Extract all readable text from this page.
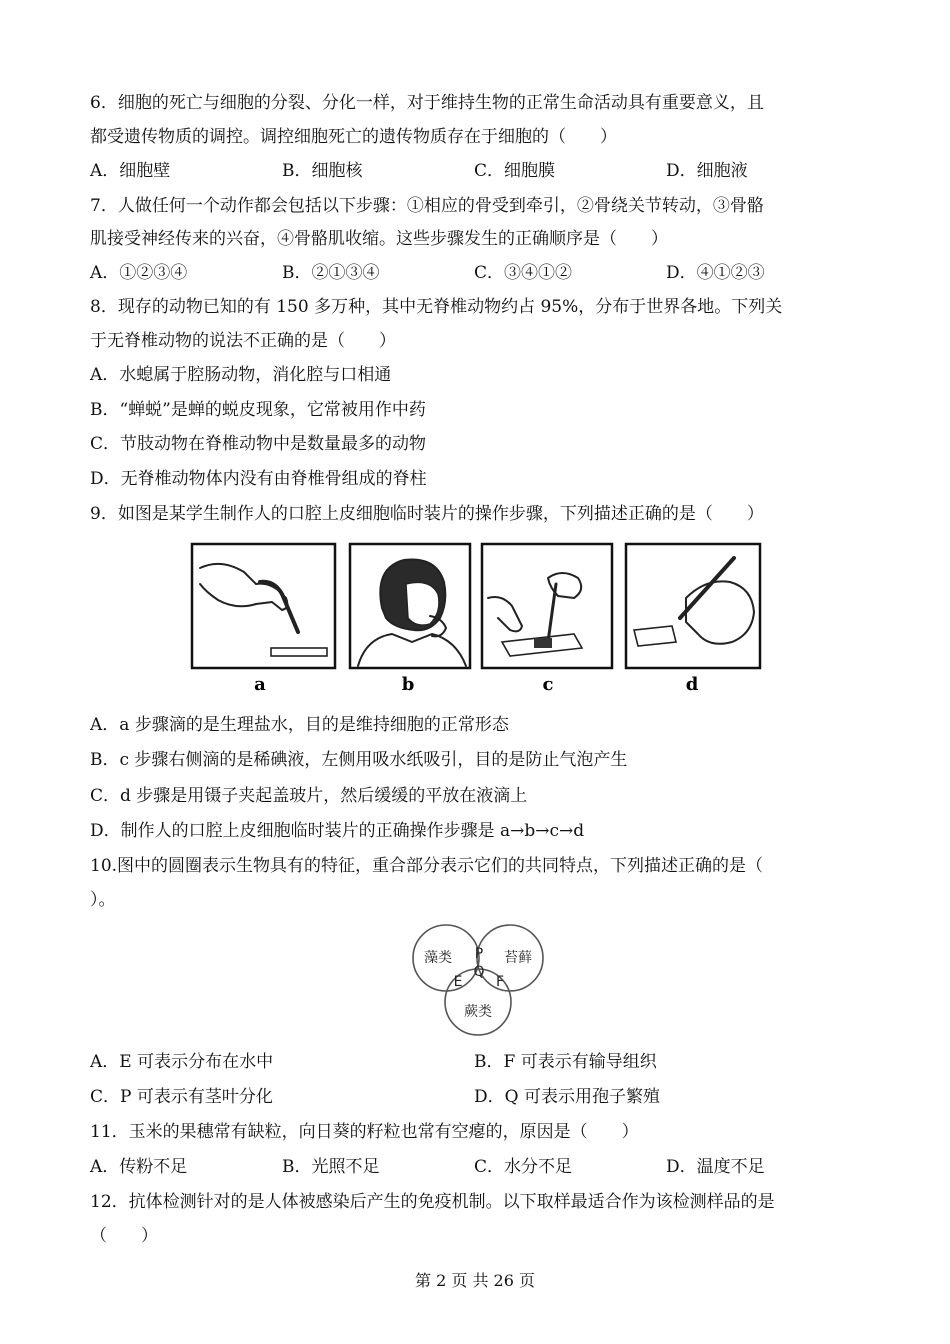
6．细胞的死亡与细胞的分裂、分化一样，对于维持生物的正常生命活动具有重要意义，且
都受遗传物质的调控。调控细胞死亡的遗传物质存在于细胞的（　　）
A．细胞壁	B．细胞核	C．细胞膜	D．细胞液
7．人做任何一个动作都会包括以下步骤：①相应的骨受到牵引，②骨绕关节转动，③骨骼
肌接受神经传来的兴奋，④骨骼肌收缩。这些步骤发生的正确顺序是（　　）
A．①②③④	B．②①③④	C．③④①②	D．④①②③
8．现存的动物已知的有 150 多万种，其中无脊椎动物约占 95%，分布于世界各地。下列关
于无脊椎动物的说法不正确的是（　　）
A．水螅属于腔肠动物，消化腔与口相通
B．“蝉蜕”是蝉的蜕皮现象，它常被用作中药
C．节肢动物在脊椎动物中是数量最多的动物
D．无脊椎动物体内没有由脊椎骨组成的脊柱
9．如图是某学生制作人的口腔上皮细胞临时装片的操作步骤，下列描述正确的是（　　）
a	b	c	d
A．a 步骤滴的是生理盐水，目的是维持细胞的正常形态
B．c 步骤右侧滴的是稀碘液，左侧用吸水纸吸引，目的是防止气泡产生
C．d 步骤是用镊子夹起盖玻片，然后缓缓的平放在液滴上
D．制作人的口腔上皮细胞临时装片的正确操作步骤是 a→b→c→d
10.图中的圆圈表示生物具有的特征，重合部分表示它们的共同特点，下列描述正确的是（
）。
藻类	苔藓
蕨类
P
Q
E F
A．E 可表示分布在水中	B．F 可表示有输导组织
C．P 可表示有茎叶分化	D．Q 可表示用孢子繁殖
11．玉米的果穗常有缺粒，向日葵的籽粒也常有空瘪的，原因是（　　）
A．传粉不足	B．光照不足	C．水分不足	D．温度不足
12．抗体检测针对的是人体被感染后产生的免疫机制。以下取样最适合作为该检测样品的是
（　　）
第 2 页 共 26 页
